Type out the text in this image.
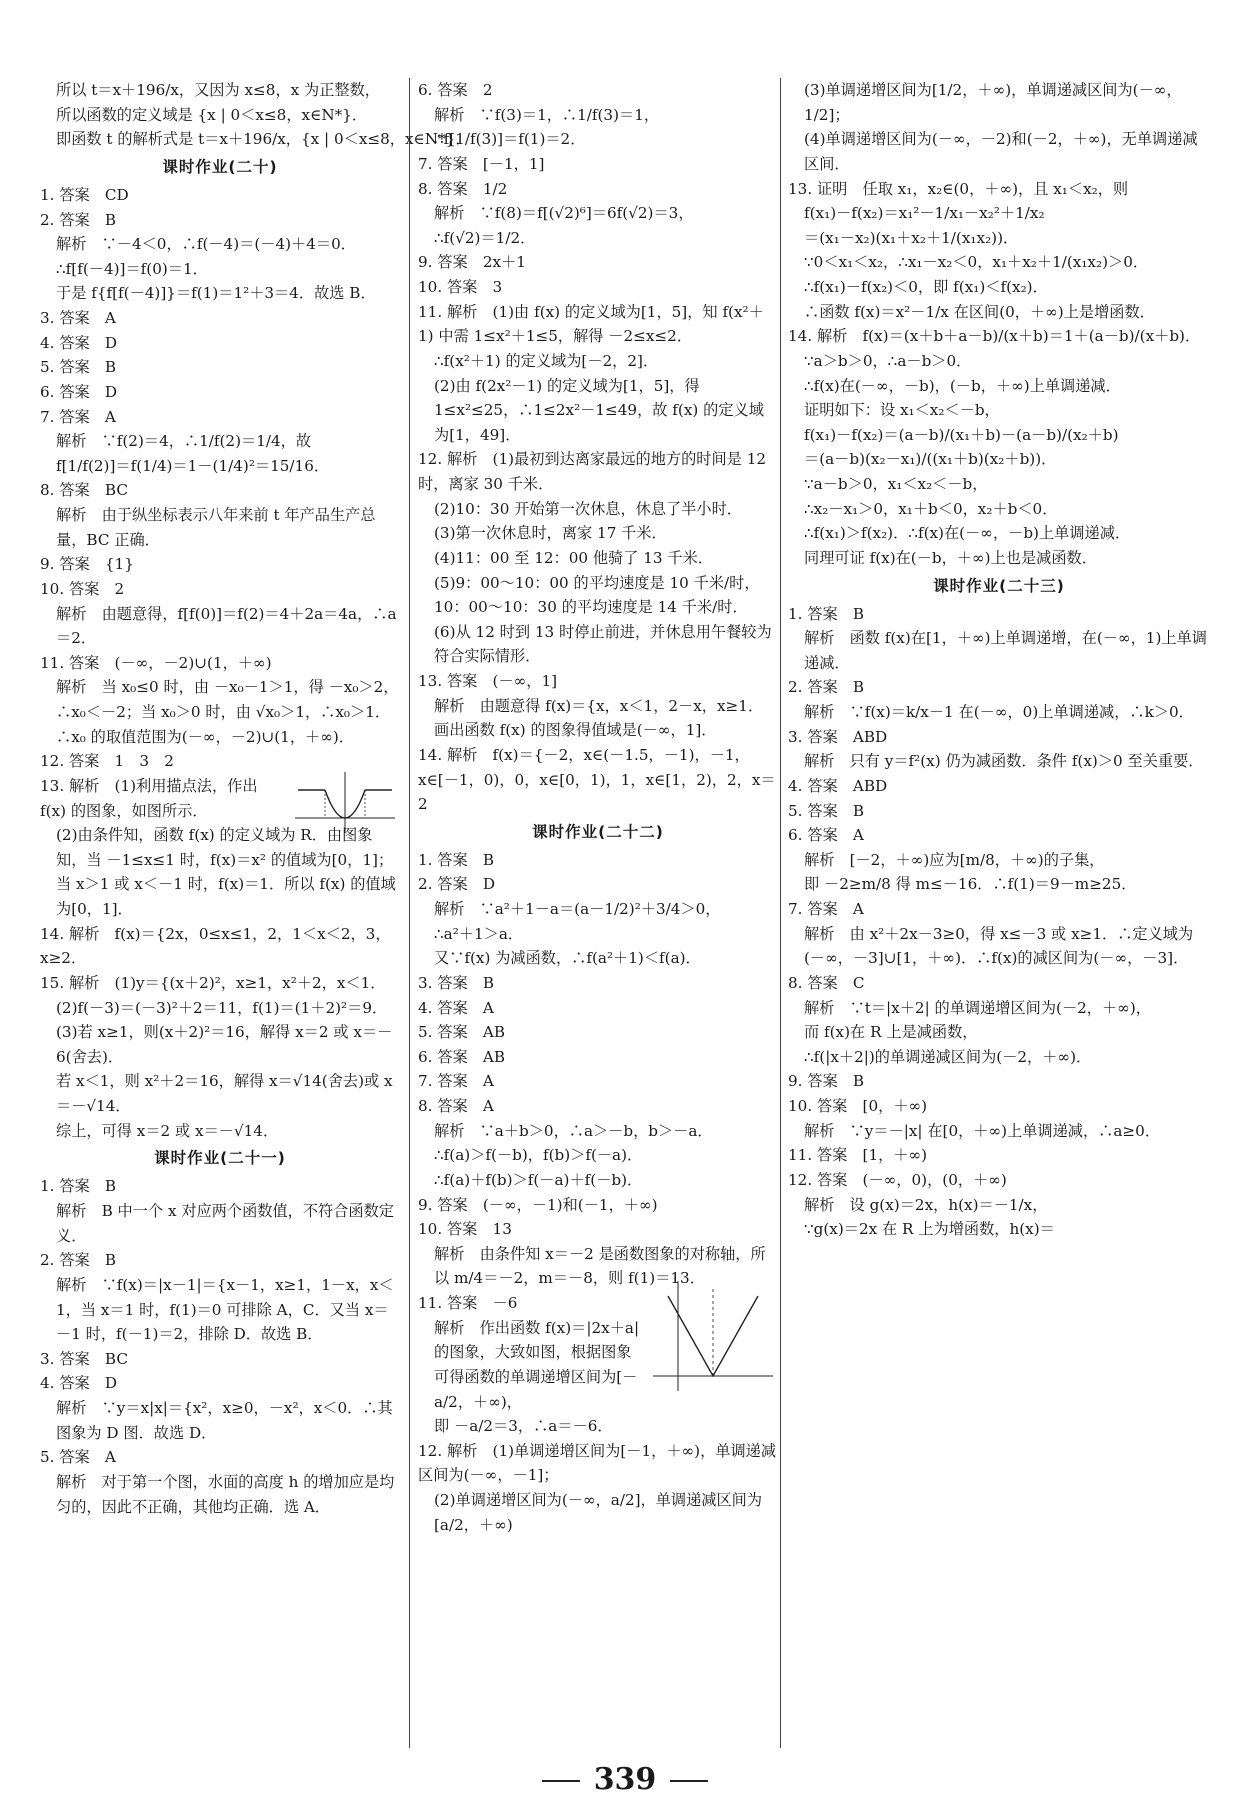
所以 t＝x＋196/x，又因为 x≤8，x 为正整数，
所以函数的定义域是 {x | 0＜x≤8，x∈N*}．
即函数 t 的解析式是 t＝x＋196/x，{x | 0＜x≤8，x∈N*}．
课时作业(二十)
1. 答案　CD
2. 答案　B
解析　∵－4＜0，∴f(－4)＝(－4)＋4＝0．
∴f[f(－4)]＝f(0)＝1．
于是 f{f[f(－4)]}＝f(1)＝1²＋3＝4．故选 B．
3. 答案　A
4. 答案　D
5. 答案　B
6. 答案　D
7. 答案　A
解析　∵f(2)＝4，∴1/f(2)＝1/4，故
f[1/f(2)]＝f(1/4)＝1－(1/4)²＝15/16．
8. 答案　BC
解析　由于纵坐标表示八年来前 t 年产品生产总量，BC 正确．
9. 答案　{1}
10. 答案　2
解析　由题意得，f[f(0)]＝f(2)＝4＋2a＝4a，∴a＝2．
11. 答案　(－∞，－2)∪(1，＋∞)
解析　当 x₀≤0 时，由 －x₀－1＞1，得 －x₀＞2，∴x₀＜－2；当 x₀＞0 时，由 √x₀＞1，∴x₀＞1．∴x₀ 的取值范围为(－∞，－2)∪(1，＋∞)．
12. 答案　1　3　2
13. 解析　(1)利用描点法，作出 f(x) 的图象，如图所示．
(2)由条件知，函数 f(x) 的定义域为 R．由图象知，当 －1≤x≤1 时，f(x)＝x² 的值域为[0，1]；当 x＞1 或 x＜－1 时，f(x)＝1．所以 f(x) 的值域为[0，1]．
14. 解析　f(x)＝{2x，0≤x≤1，2，1＜x＜2，3，x≥2．
15. 解析　(1)y＝{(x＋2)²，x≥1，x²＋2，x＜1．
(2)f(－3)＝(－3)²＋2＝11，f(1)＝(1＋2)²＝9．
(3)若 x≥1，则(x＋2)²＝16，解得 x＝2 或 x＝－6(舍去)．
若 x＜1，则 x²＋2＝16，解得 x＝√14(舍去)或 x＝－√14．
综上，可得 x＝2 或 x＝－√14．
课时作业(二十一)
1. 答案　B
解析　B 中一个 x 对应两个函数值，不符合函数定义．
2. 答案　B
解析　∵f(x)＝|x－1|＝{x－1，x≥1，1－x，x＜1，当 x＝1 时，f(1)＝0 可排除 A，C．又当 x＝－1 时，f(－1)＝2，排除 D．故选 B．
3. 答案　BC
4. 答案　D
解析　∵y＝x|x|＝{x²，x≥0，－x²，x＜0．∴其图象为 D 图．故选 D．
5. 答案　A
解析　对于第一个图，水面的高度 h 的增加应是均匀的，因此不正确，其他均正确．选 A．
6. 答案　2
解析　∵f(3)＝1，∴1/f(3)＝1，
∴f[1/f(3)]＝f(1)＝2．
7. 答案　[－1，1]
8. 答案　1/2
解析　∵f(8)＝f[(√2)⁶]＝6f(√2)＝3，
∴f(√2)＝1/2．
9. 答案　2x＋1
10. 答案　3
11. 解析　(1)由 f(x) 的定义域为[1，5]，知 f(x²＋1) 中需 1≤x²＋1≤5，解得 －2≤x≤2．
∴f(x²＋1) 的定义域为[－2，2]．
(2)由 f(2x²－1) 的定义域为[1，5]，得 1≤x²≤25，∴1≤2x²－1≤49，故 f(x) 的定义域为[1，49]．
12. 解析　(1)最初到达离家最远的地方的时间是 12 时，离家 30 千米．
(2)10：30 开始第一次休息，休息了半小时．
(3)第一次休息时，离家 17 千米．
(4)11：00 至 12：00 他骑了 13 千米．
(5)9：00～10：00 的平均速度是 10 千米/时，10：00～10：30 的平均速度是 14 千米/时．
(6)从 12 时到 13 时停止前进，并休息用午餐较为符合实际情形．
13. 答案　(－∞，1]
解析　由题意得 f(x)＝{x，x＜1，2－x，x≥1．画出函数 f(x) 的图象得值域是(－∞，1]．
14. 解析　f(x)＝{－2，x∈(－1.5，－1)，－1，x∈[－1，0)，0，x∈[0，1)，1，x∈[1，2)，2，x＝2
课时作业(二十二)
1. 答案　B
2. 答案　D
解析　∵a²＋1－a＝(a－1/2)²＋3/4＞0，
∴a²＋1＞a．
又∵f(x) 为减函数，∴f(a²＋1)＜f(a)．
3. 答案　B
4. 答案　A
5. 答案　AB
6. 答案　AB
7. 答案　A
8. 答案　A
解析　∵a＋b＞0，∴a＞－b，b＞－a．
∴f(a)＞f(－b)，f(b)＞f(－a)．
∴f(a)＋f(b)＞f(－a)＋f(－b)．
9. 答案　(－∞，－1)和(－1，＋∞)
10. 答案　13
解析　由条件知 x＝－2 是函数图象的对称轴，所以 m/4＝－2，m＝－8，则 f(1)＝13．
11. 答案　－6
解析　作出函数 f(x)＝|2x＋a| 的图象，大致如图，根据图象可得函数的单调递增区间为[－a/2，＋∞)，
即 －a/2＝3，∴a＝－6．
12. 解析　(1)单调递增区间为[－1，＋∞)，单调递减区间为(－∞，－1]；
(2)单调递增区间为(－∞，a/2]，单调递减区间为[a/2，＋∞)
(3)单调递增区间为[1/2，＋∞)，单调递减区间为(－∞，1/2]；
(4)单调递增区间为(－∞，－2)和(－2，＋∞)，无单调递减区间．
13. 证明　任取 x₁，x₂∈(0，＋∞)，且 x₁＜x₂，则
f(x₁)－f(x₂)＝x₁²－1/x₁－x₂²＋1/x₂
＝(x₁－x₂)(x₁＋x₂＋1/(x₁x₂))．
∵0＜x₁＜x₂，∴x₁－x₂＜0，x₁＋x₂＋1/(x₁x₂)＞0．
∴f(x₁)－f(x₂)＜0，即 f(x₁)＜f(x₂)．
∴函数 f(x)＝x²－1/x 在区间(0，＋∞)上是增函数．
14. 解析　f(x)＝(x＋b＋a－b)/(x＋b)＝1＋(a－b)/(x＋b)．
∵a＞b＞0，∴a－b＞0．
∴f(x)在(－∞，－b)，(－b，＋∞)上单调递减．
证明如下：设 x₁＜x₂＜－b，
f(x₁)－f(x₂)＝(a－b)/(x₁＋b)－(a－b)/(x₂＋b)
＝(a－b)(x₂－x₁)/((x₁＋b)(x₂＋b))．
∵a－b＞0，x₁＜x₂＜－b，
∴x₂－x₁＞0，x₁＋b＜0，x₂＋b＜0．
∴f(x₁)＞f(x₂)．∴f(x)在(－∞，－b)上单调递减．
同理可证 f(x)在(－b，＋∞)上也是减函数．
课时作业(二十三)
1. 答案　B
解析　函数 f(x)在[1，＋∞)上单调递增，在(－∞，1)上单调递减．
2. 答案　B
解析　∵f(x)＝k/x－1 在(－∞，0)上单调递减，∴k＞0．
3. 答案　ABD
解析　只有 y＝f²(x) 仍为减函数．条件 f(x)＞0 至关重要．
4. 答案　ABD
5. 答案　B
6. 答案　A
解析　[－2，＋∞)应为[m/8，＋∞)的子集，
即 －2≥m/8 得 m≤－16．∴f(1)＝9－m≥25．
7. 答案　A
解析　由 x²＋2x－3≥0，得 x≤－3 或 x≥1．∴定义域为(－∞，－3]∪[1，＋∞)．∴f(x)的减区间为(－∞，－3]．
8. 答案　C
解析　∵t＝|x＋2| 的单调递增区间为(－2，＋∞)，
而 f(x)在 R 上是减函数，
∴f(|x＋2|)的单调递减区间为(－2，＋∞)．
9. 答案　B
10. 答案　[0，＋∞)
解析　∵y＝－|x| 在[0，＋∞)上单调递减，∴a≥0．
11. 答案　[1，＋∞)
12. 答案　(－∞，0)，(0，＋∞)
解析　设 g(x)＝2x，h(x)＝－1/x，
∵g(x)＝2x 在 R 上为增函数，h(x)＝
339
